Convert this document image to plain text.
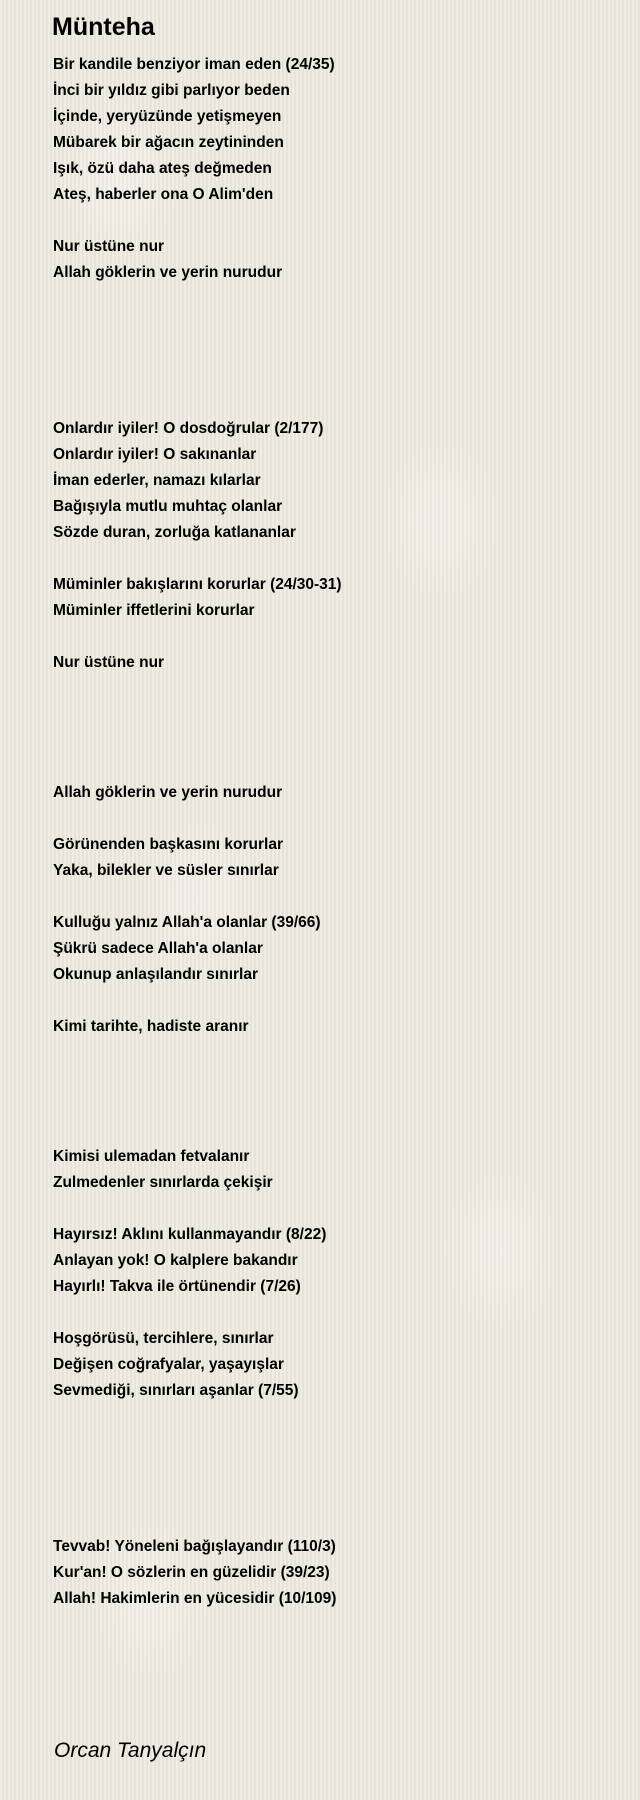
Münteha
Bir kandile benziyor iman eden (24/35)
İnci bir yıldız gibi parlıyor beden
İçinde, yeryüzünde yetişmeyen
Mübarek bir ağacın zeytininden
Işık, özü daha ateş değmeden
Ateş, haberler ona O Alim'den
Nur üstüne nur
Allah göklerin ve yerin nurudur
Onlardır iyiler! O dosdoğrular (2/177)
Onlardır iyiler! O sakınanlar
İman ederler, namazı kılarlar
Bağışıyla mutlu muhtaç olanlar
Sözde duran, zorluğa katlananlar
Müminler bakışlarını korurlar (24/30-31)
Müminler iffetlerini korurlar
Nur üstüne nur
Allah göklerin ve yerin nurudur
Görünenden başkasını korurlar
Yaka, bilekler ve süsler sınırlar
Kulluğu yalnız Allah'a olanlar (39/66)
Şükrü sadece Allah'a olanlar
Okunup anlaşılandır sınırlar
Kimi tarihte, hadiste aranır
Kimisi ulemadan fetvalanır
Zulmedenler sınırlarda çekişir
Hayırsız! Aklını kullanmayandır (8/22)
Anlayan yok! O kalplere bakandır
Hayırlı! Takva ile örtünendir (7/26)
Hoşgörüsü, tercihlere, sınırlar
Değişen coğrafyalar, yaşayışlar
Sevmediği, sınırları aşanlar (7/55)
Tevvab! Yöneleni bağışlayandır (110/3)
Kur'an! O sözlerin en güzelidir (39/23)
Allah! Hakimlerin en yücesidir (10/109)
Orcan Tanyalçın
